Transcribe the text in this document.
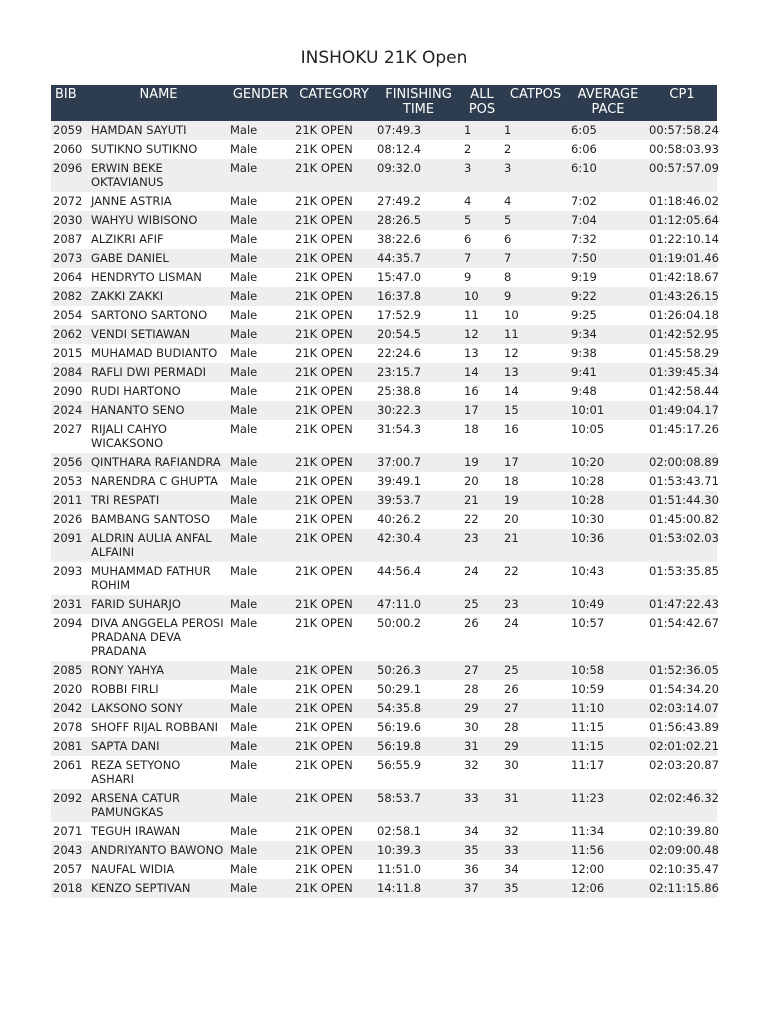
INSHOKU 21K Open
BIB	NAME	GENDER	CATEGORY	FINISHING TIME	ALL POS	CATPOS	AVERAGE PACE	CP1
2059	HAMDAN SAYUTI	Male	21K OPEN	07:49.3	1	1	6:05	00:57:58.24
2060	SUTIKNO SUTIKNO	Male	21K OPEN	08:12.4	2	2	6:06	00:58:03.93
2096	ERWIN BEKE OKTAVIANUS	Male	21K OPEN	09:32.0	3	3	6:10	00:57:57.09
2072	JANNE ASTRIA	Male	21K OPEN	27:49.2	4	4	7:02	01:18:46.02
2030	WAHYU WIBISONO	Male	21K OPEN	28:26.5	5	5	7:04	01:12:05.64
2087	ALZIKRI AFIF	Male	21K OPEN	38:22.6	6	6	7:32	01:22:10.14
2073	GABE DANIEL	Male	21K OPEN	44:35.7	7	7	7:50	01:19:01.46
2064	HENDRYTO LISMAN	Male	21K OPEN	15:47.0	9	8	9:19	01:42:18.67
2082	ZAKKI ZAKKI	Male	21K OPEN	16:37.8	10	9	9:22	01:43:26.15
2054	SARTONO SARTONO	Male	21K OPEN	17:52.9	11	10	9:25	01:26:04.18
2062	VENDI SETIAWAN	Male	21K OPEN	20:54.5	12	11	9:34	01:42:52.95
2015	MUHAMAD BUDIANTO	Male	21K OPEN	22:24.6	13	12	9:38	01:45:58.29
2084	RAFLI DWI PERMADI	Male	21K OPEN	23:15.7	14	13	9:41	01:39:45.34
2090	RUDI HARTONO	Male	21K OPEN	25:38.8	16	14	9:48	01:42:58.44
2024	HANANTO SENO	Male	21K OPEN	30:22.3	17	15	10:01	01:49:04.17
2027	RIJALI CAHYO WICAKSONO	Male	21K OPEN	31:54.3	18	16	10:05	01:45:17.26
2056	QINTHARA RAFIANDRA	Male	21K OPEN	37:00.7	19	17	10:20	02:00:08.89
2053	NARENDRA C GHUPTA	Male	21K OPEN	39:49.1	20	18	10:28	01:53:43.71
2011	TRI RESPATI	Male	21K OPEN	39:53.7	21	19	10:28	01:51:44.30
2026	BAMBANG SANTOSO	Male	21K OPEN	40:26.2	22	20	10:30	01:45:00.82
2091	ALDRIN AULIA ANFAL ALFAINI	Male	21K OPEN	42:30.4	23	21	10:36	01:53:02.03
2093	MUHAMMAD FATHUR ROHIM	Male	21K OPEN	44:56.4	24	22	10:43	01:53:35.85
2031	FARID SUHARJO	Male	21K OPEN	47:11.0	25	23	10:49	01:47:22.43
2094	DIVA ANGGELA PEROSI PRADANA DEVA PRADANA	Male	21K OPEN	50:00.2	26	24	10:57	01:54:42.67
2085	RONY YAHYA	Male	21K OPEN	50:26.3	27	25	10:58	01:52:36.05
2020	ROBBI FIRLI	Male	21K OPEN	50:29.1	28	26	10:59	01:54:34.20
2042	LAKSONO SONY	Male	21K OPEN	54:35.8	29	27	11:10	02:03:14.07
2078	SHOFF RIJAL ROBBANI	Male	21K OPEN	56:19.6	30	28	11:15	01:56:43.89
2081	SAPTA DANI	Male	21K OPEN	56:19.8	31	29	11:15	02:01:02.21
2061	REZA SETYONO ASHARI	Male	21K OPEN	56:55.9	32	30	11:17	02:03:20.87
2092	ARSENA CATUR PAMUNGKAS	Male	21K OPEN	58:53.7	33	31	11:23	02:02:46.32
2071	TEGUH IRAWAN	Male	21K OPEN	02:58.1	34	32	11:34	02:10:39.80
2043	ANDRIYANTO BAWONO	Male	21K OPEN	10:39.3	35	33	11:56	02:09:00.48
2057	NAUFAL WIDIA	Male	21K OPEN	11:51.0	36	34	12:00	02:10:35.47
2018	KENZO SEPTIVAN	Male	21K OPEN	14:11.8	37	35	12:06	02:11:15.86
